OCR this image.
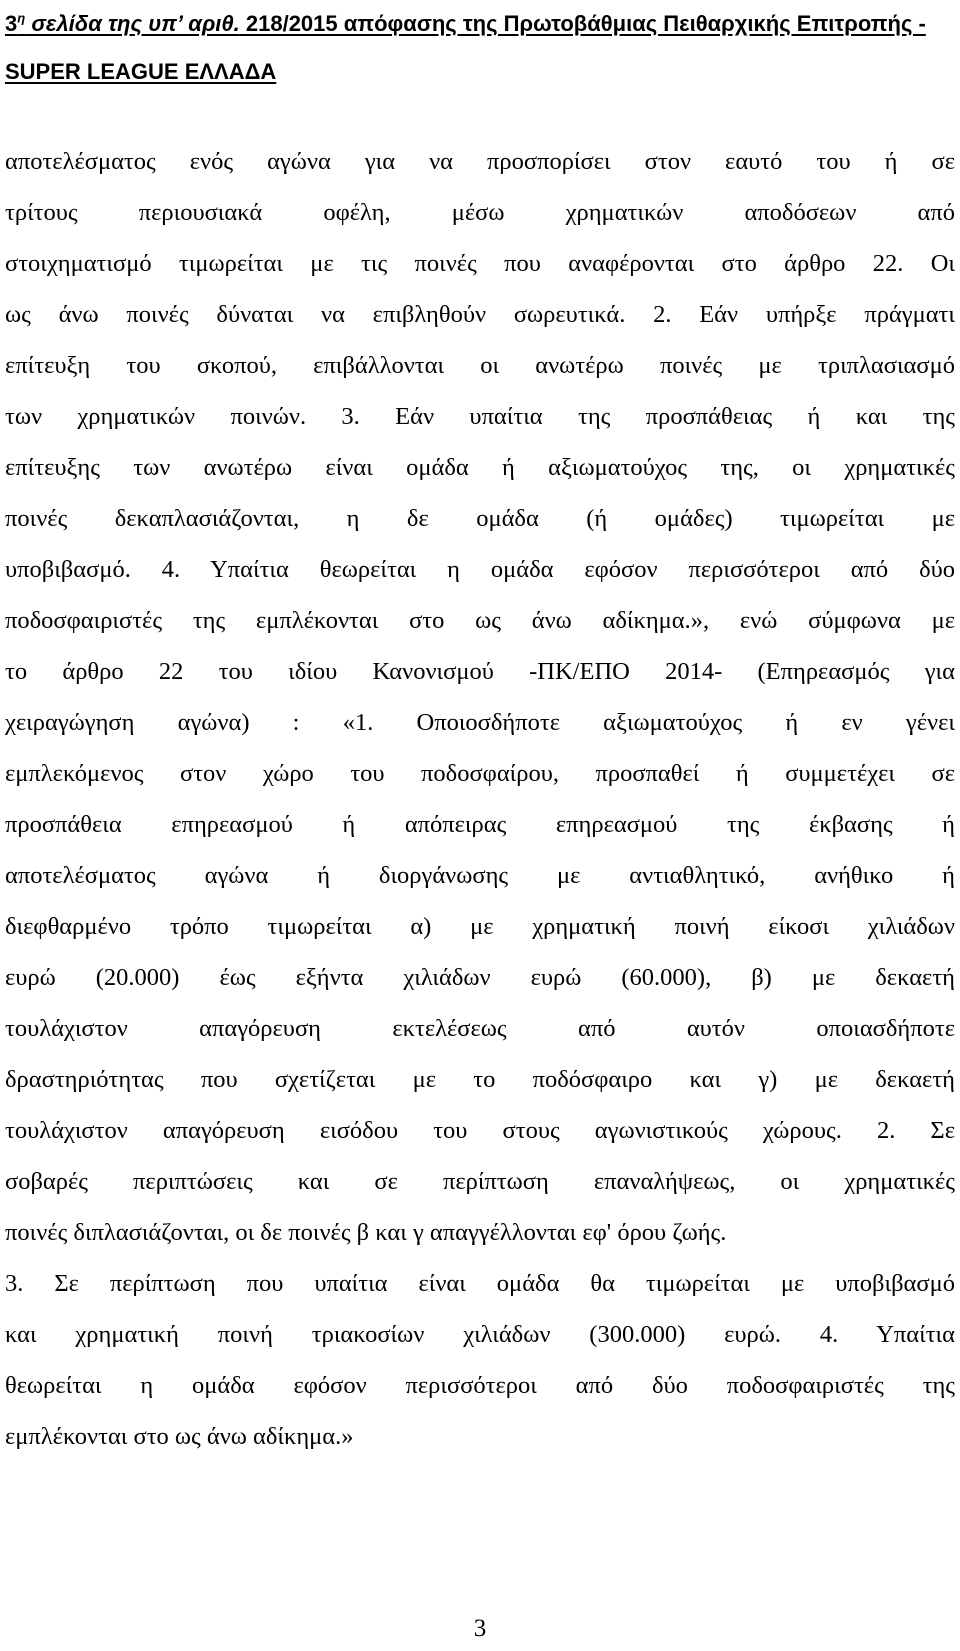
$3^\eta$ σελίδα της υπ’ αριθ. 218/2015 απόφασης της Πρωτοβάθμιας Πειθαρχικής Επιτροπής -
SUPER LEAGUE ΕΛΛΑΔΑ
αποτελέσματος ενός αγώνα για να προσπορίσει στον εαυτό του ή σε
τρίτους περιουσιακά οφέλη, μέσω χρηματικών αποδόσεων από
στοιχηματισμό τιμωρείται με τις ποινές που αναφέρονται στο άρθρο 22. Οι
ως άνω ποινές δύναται να επιβληθούν σωρευτικά. 2. Εάν υπήρξε πράγματι
επίτευξη του σκοπού, επιβάλλονται οι ανωτέρω ποινές με τριπλασιασμό
των χρηματικών ποινών. 3. Εάν υπαίτια της προσπάθειας ή και της
επίτευξης των ανωτέρω είναι ομάδα ή αξιωματούχος της, οι χρηματικές
ποινές δεκαπλασιάζονται, η δε ομάδα (ή ομάδες) τιμωρείται με
υποβιβασμό. 4. Υπαίτια θεωρείται η ομάδα εφόσον περισσότεροι από δύο
ποδοσφαιριστές της εμπλέκονται στο ως άνω αδίκημα.», ενώ σύμφωνα με
το άρθρο 22 του ιδίου Κανονισμού -ΠΚ/ΕΠΟ 2014- (Επηρεασμός για
χειραγώγηση αγώνα) : «1. Οποιοσδήποτε αξιωματούχος ή εν γένει
εμπλεκόμενος στον χώρο του ποδοσφαίρου, προσπαθεί ή συμμετέχει σε
προσπάθεια επηρεασμού ή απόπειρας επηρεασμού της έκβασης ή
αποτελέσματος αγώνα ή διοργάνωσης με αντιαθλητικό, ανήθικο ή
διεφθαρμένο τρόπο τιμωρείται α) με χρηματική ποινή είκοσι χιλιάδων
ευρώ (20.000) έως εξήντα χιλιάδων ευρώ (60.000), β) με δεκαετή
τουλάχιστον απαγόρευση εκτελέσεως από αυτόν οποιασδήποτε
δραστηριότητας που σχετίζεται με το ποδόσφαιρο και γ) με δεκαετή
τουλάχιστον απαγόρευση εισόδου του στους αγωνιστικούς χώρους. 2. Σε
σοβαρές περιπτώσεις και σε περίπτωση επαναλήψεως, οι χρηματικές
ποινές διπλασιάζονται, οι δε ποινές β και γ απαγγέλλονται εφ' όρου ζωής.
3. Σε περίπτωση που υπαίτια είναι ομάδα θα τιμωρείται με υποβιβασμό
και χρηματική ποινή τριακοσίων χιλιάδων (300.000) ευρώ. 4. Υπαίτια
θεωρείται η ομάδα εφόσον περισσότεροι από δύο ποδοσφαιριστές της
εμπλέκονται στο ως άνω αδίκημα.»
3
